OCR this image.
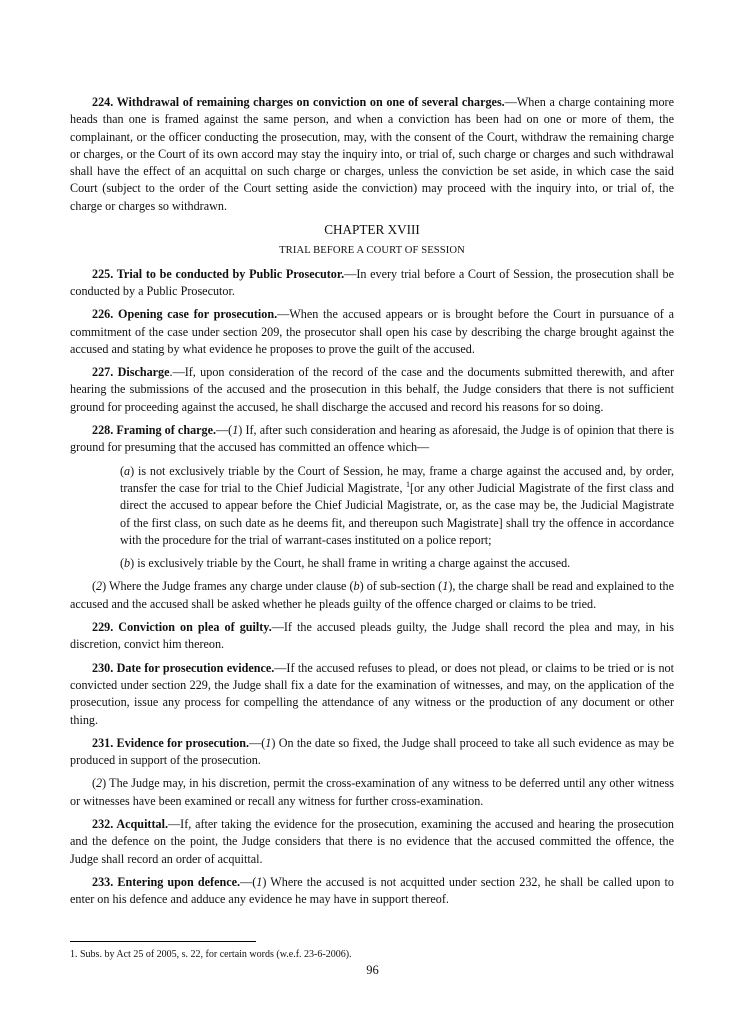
224. Withdrawal of remaining charges on conviction on one of several charges.—When a charge containing more heads than one is framed against the same person, and when a conviction has been had on one or more of them, the complainant, or the officer conducting the prosecution, may, with the consent of the Court, withdraw the remaining charge or charges, or the Court of its own accord may stay the inquiry into, or trial of, such charge or charges and such withdrawal shall have the effect of an acquittal on such charge or charges, unless the conviction be set aside, in which case the said Court (subject to the order of the Court setting aside the conviction) may proceed with the inquiry into, or trial of, the charge or charges so withdrawn.

CHAPTER XVIII
TRIAL BEFORE A COURT OF SESSION

225. Trial to be conducted by Public Prosecutor.—In every trial before a Court of Session, the prosecution shall be conducted by a Public Prosecutor.

226. Opening case for prosecution.—When the accused appears or is brought before the Court in pursuance of a commitment of the case under section 209, the prosecutor shall open his case by describing the charge brought against the accused and stating by what evidence he proposes to prove the guilt of the accused.

227. Discharge.—If, upon consideration of the record of the case and the documents submitted therewith, and after hearing the submissions of the accused and the prosecution in this behalf, the Judge considers that there is not sufficient ground for proceeding against the accused, he shall discharge the accused and record his reasons for so doing.

228. Framing of charge.—(1) If, after such consideration and hearing as aforesaid, the Judge is of opinion that there is ground for presuming that the accused has committed an offence which—

(a) is not exclusively triable by the Court of Session, he may, frame a charge against the accused and, by order, transfer the case for trial to the Chief Judicial Magistrate, $^1$[or any other Judicial Magistrate of the first class and direct the accused to appear before the Chief Judicial Magistrate, or, as the case may be, the Judicial Magistrate of the first class, on such date as he deems fit, and thereupon such Magistrate] shall try the offence in accordance with the procedure for the trial of warrant-cases instituted on a police report;

(b) is exclusively triable by the Court, he shall frame in writing a charge against the accused.

(2) Where the Judge frames any charge under clause (b) of sub-section (1), the charge shall be read and explained to the accused and the accused shall be asked whether he pleads guilty of the offence charged or claims to be tried.

229. Conviction on plea of guilty.—If the accused pleads guilty, the Judge shall record the plea and may, in his discretion, convict him thereon.

230. Date for prosecution evidence.—If the accused refuses to plead, or does not plead, or claims to be tried or is not convicted under section 229, the Judge shall fix a date for the examination of witnesses, and may, on the application of the prosecution, issue any process for compelling the attendance of any witness or the production of any document or other thing.

231. Evidence for prosecution.—(1) On the date so fixed, the Judge shall proceed to take all such evidence as may be produced in support of the prosecution.

(2) The Judge may, in his discretion, permit the cross-examination of any witness to be deferred until any other witness or witnesses have been examined or recall any witness for further cross-examination.

232. Acquittal.—If, after taking the evidence for the prosecution, examining the accused and hearing the prosecution and the defence on the point, the Judge considers that there is no evidence that the accused committed the offence, the Judge shall record an order of acquittal.

233. Entering upon defence.—(1) Where the accused is not acquitted under section 232, he shall be called upon to enter on his defence and adduce any evidence he may have in support thereof.

1. Subs. by Act 25 of 2005, s. 22, for certain words (w.e.f. 23-6-2006).
96
